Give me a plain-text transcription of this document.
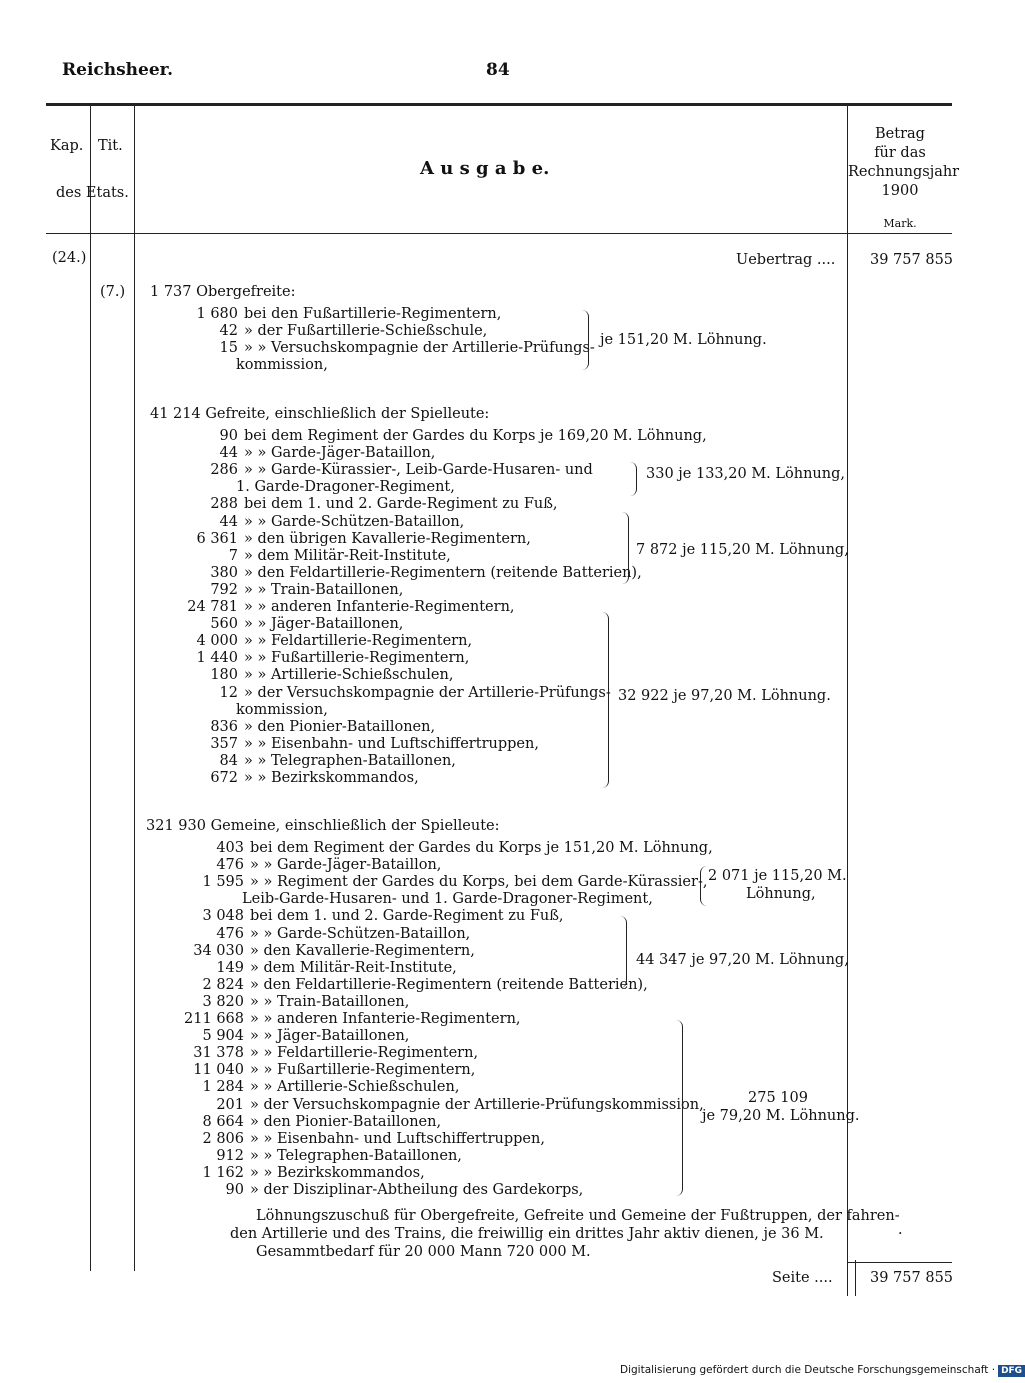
Reichsheer.	84
Kap. Tit.
des Etats.
A u s g a b e.
Betrag
für das
Rechnungsjahr
1900
Mark.
(24.)
(7.)
Uebertrag .... 39 757 855
1 737 Obergefreite:
1 680 bei den Fußartillerie-Regimentern,
42 » der Fußartillerie-Schießschule,
15 » » Versuchskompagnie der Artillerie-Prüfungs-
kommission,
je 151,20 M. Löhnung.
41 214 Gefreite, einschließlich der Spielleute:
90 bei dem Regiment der Gardes du Korps je 169,20 M. Löhnung,
44 » » Garde-Jäger-Bataillon,
286 » » Garde-Kürassier-, Leib-Garde-Husaren- und
1. Garde-Dragoner-Regiment,
288 bei dem 1. und 2. Garde-Regiment zu Fuß,
44 » » Garde-Schützen-Bataillon,
6 361 » den übrigen Kavallerie-Regimentern,
7 » dem Militär-Reit-Institute,
380 » den Feldartillerie-Regimentern (reitende Batterien),
792 » » Train-Bataillonen,
24 781 » » anderen Infanterie-Regimentern,
560 » » Jäger-Bataillonen,
4 000 » » Feldartillerie-Regimentern,
1 440 » » Fußartillerie-Regimentern,
180 » » Artillerie-Schießschulen,
12 » der Versuchskompagnie der Artillerie-Prüfungs-
kommission,
836 » den Pionier-Bataillonen,
357 » » Eisenbahn- und Luftschiffertruppen,
84 » » Telegraphen-Bataillonen,
672 » » Bezirkskommandos,
330 je 133,20 M. Löhnung,
7 872 je 115,20 M. Löhnung,
32 922 je 97,20 M. Löhnung.
321 930 Gemeine, einschließlich der Spielleute:
403 bei dem Regiment der Gardes du Korps je 151,20 M. Löhnung,
476 » » Garde-Jäger-Bataillon,
1 595 » » Regiment der Gardes du Korps, bei dem Garde-Kürassier-,
Leib-Garde-Husaren- und 1. Garde-Dragoner-Regiment,
3 048 bei dem 1. und 2. Garde-Regiment zu Fuß,
476 » » Garde-Schützen-Bataillon,
34 030 » den Kavallerie-Regimentern,
149 » dem Militär-Reit-Institute,
2 824 » den Feldartillerie-Regimentern (reitende Batterien),
3 820 » » Train-Bataillonen,
211 668 » » anderen Infanterie-Regimentern,
5 904 » » Jäger-Bataillonen,
31 378 » » Feldartillerie-Regimentern,
11 040 » » Fußartillerie-Regimentern,
1 284 » » Artillerie-Schießschulen,
201 » der Versuchskompagnie der Artillerie-Prüfungskommission,
8 664 » den Pionier-Bataillonen,
2 806 » » Eisenbahn- und Luftschiffertruppen,
912 » » Telegraphen-Bataillonen,
1 162 » » Bezirkskommandos,
90 » der Disziplinar-Abtheilung des Gardekorps,
2 071 je 115,20 M.
Löhnung,
44 347 je 97,20 M. Löhnung,
275 109
je 79,20 M. Löhnung.
Löhnungszuschuß für Obergefreite, Gefreite und Gemeine der Fußtruppen, der fahren-
den Artillerie und des Trains, die freiwillig ein drittes Jahr aktiv dienen, je 36 M.
Gesammtbedarf für 20 000 Mann 720 000 M.
·
Seite ....	39 757 855
Digitalisierung gefördert durch die Deutsche Forschungsgemeinschaft · DFG
